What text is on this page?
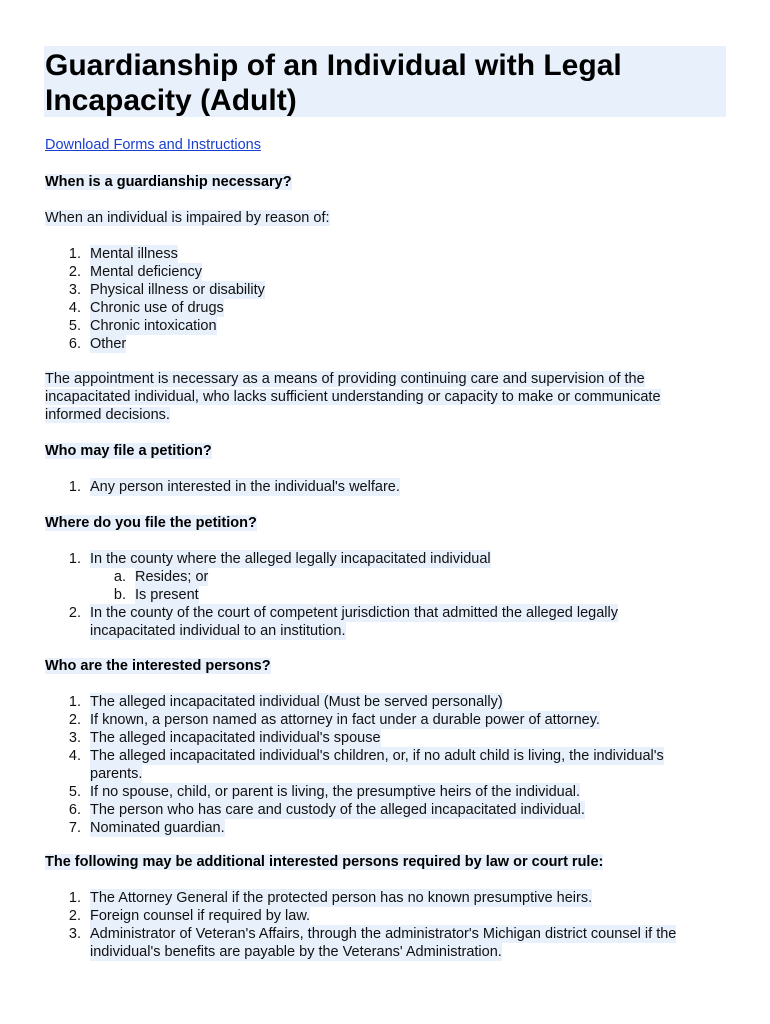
Guardianship of an Individual with Legal
Incapacity (Adult)
Download Forms and Instructions
When is a guardianship necessary?
When an individual is impaired by reason of:
1. Mental illness
2. Mental deficiency
3. Physical illness or disability
4. Chronic use of drugs
5. Chronic intoxication
6. Other
The appointment is necessary as a means of providing continuing care and supervision of the
incapacitated individual, who lacks sufficient understanding or capacity to make or communicate
informed decisions.
Who may file a petition?
1. Any person interested in the individual's welfare.
Where do you file the petition?
1. In the county where the alleged legally incapacitated individual
a. Resides; or
b. Is present
2. In the county of the court of competent jurisdiction that admitted the alleged legally
incapacitated individual to an institution.
Who are the interested persons?
1. The alleged incapacitated individual (Must be served personally)
2. If known, a person named as attorney in fact under a durable power of attorney.
3. The alleged incapacitated individual's spouse
4. The alleged incapacitated individual's children, or, if no adult child is living, the individual's
parents.
5. If no spouse, child, or parent is living, the presumptive heirs of the individual.
6. The person who has care and custody of the alleged incapacitated individual.
7. Nominated guardian.
The following may be additional interested persons required by law or court rule:
1. The Attorney General if the protected person has no known presumptive heirs.
2. Foreign counsel if required by law.
3. Administrator of Veteran's Affairs, through the administrator's Michigan district counsel if the
individual's benefits are payable by the Veterans' Administration.
